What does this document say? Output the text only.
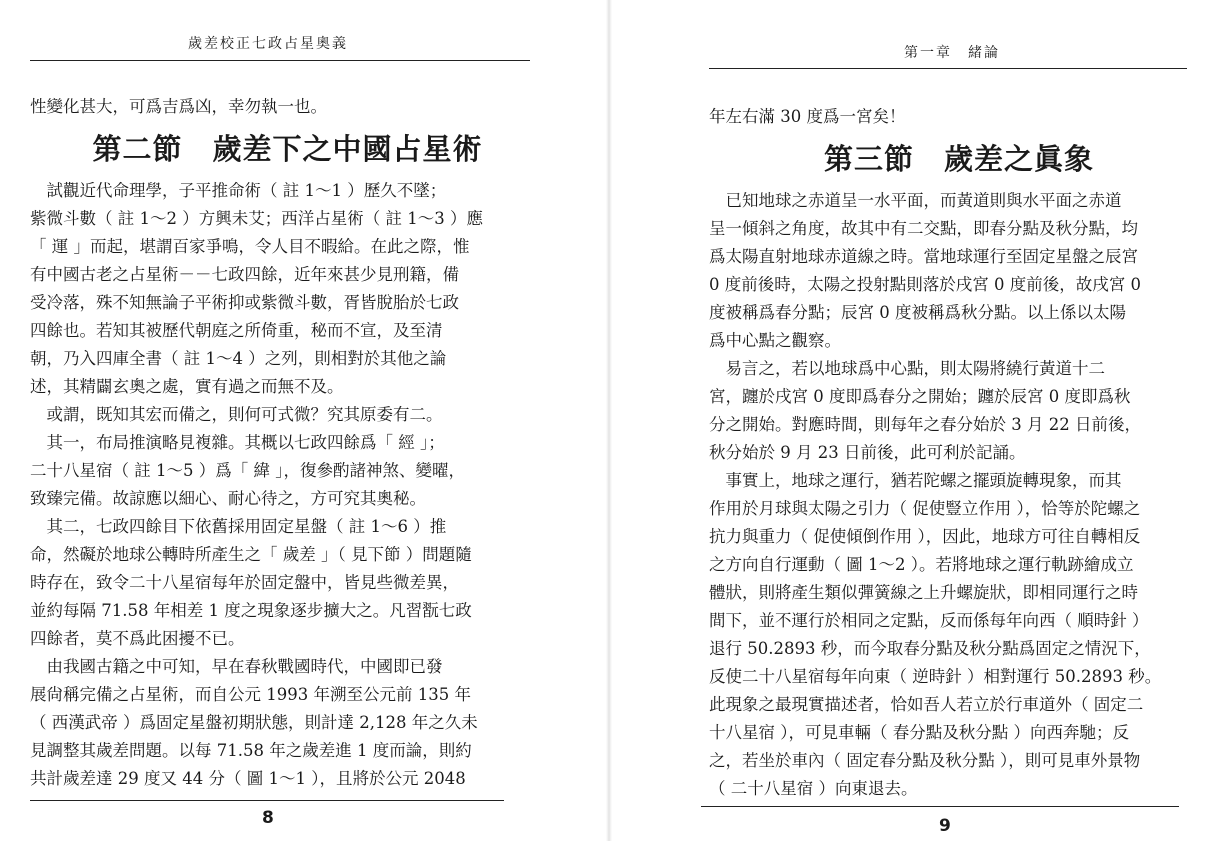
歲差校正七政占星奧義
性變化甚大，可爲吉爲凶，幸勿執一也。
第二節 歲差下之中國占星術
　試觀近代命理學，子平推命術（ 註 1～1 ）歷久不墜；
紫微斗數（ 註 1～2 ）方興未艾；西洋占星術（ 註 1～3 ）應
「 運 」而起，堪謂百家爭鳴，令人目不暇給。在此之際，惟
有中國古老之占星術－－七政四餘，近年來甚少見刑籍，備
受冷落，殊不知無論子平術抑或紫微斗數，胥皆脫胎於七政
四餘也。若知其被歷代朝庭之所倚重，秘而不宣，及至清
朝，乃入四庫全書（ 註 1～4 ）之列，則相對於其他之論
述，其精闢玄奧之處，實有過之而無不及。
　或謂，既知其宏而備之，則何可式微？究其原委有二。
　其一，布局推演略見複雜。其概以七政四餘爲「 經 」；
二十八星宿（ 註 1～5 ）爲「 緯 」，復參酌諸神煞、變曜，
致臻完備。故諒應以細心、耐心待之，方可究其奧秘。
　其二，七政四餘目下依舊採用固定星盤（ 註 1～6 ）推
命，然礙於地球公轉時所產生之「 歲差 」（ 見下節 ）問題隨
時存在，致令二十八星宿每年於固定盤中，皆見些微差異，
並約每隔 71.58 年相差 1 度之現象逐步擴大之。凡習翫七政
四餘者，莫不爲此困擾不已。
　由我國古籍之中可知，早在春秋戰國時代，中國即已發
展尙稱完備之占星術，而自公元 1993 年溯至公元前 135 年
（ 西漢武帝 ）爲固定星盤初期狀態，則計達 2,128 年之久未
見調整其歲差問題。以每 71.58 年之歲差進 1 度而論，則約
共計歲差達 29 度又 44 分（ 圖 1～1 ），且將於公元 2048
8
第一章　緒論
年左右滿 30 度爲一宮矣！
第三節 歲差之眞象
　已知地球之赤道呈一水平面，而黃道則與水平面之赤道
呈一傾斜之角度，故其中有二交點，即春分點及秋分點，均
爲太陽直射地球赤道線之時。當地球運行至固定星盤之辰宮
0 度前後時，太陽之投射點則落於戌宮 0 度前後，故戌宮 0
度被稱爲春分點；辰宮 0 度被稱爲秋分點。以上係以太陽
爲中心點之觀察。
　易言之，若以地球爲中心點，則太陽將繞行黃道十二
宮，躔於戌宮 0 度即爲春分之開始；躔於辰宮 0 度即爲秋
分之開始。對應時間，則每年之春分始於 3 月 22 日前後，
秋分始於 9 月 23 日前後，此可利於記誦。
　事實上，地球之運行，猶若陀螺之擺頭旋轉現象，而其
作用於月球與太陽之引力（ 促使豎立作用 ），恰等於陀螺之
抗力與重力（ 促使傾倒作用 ），因此，地球方可往自轉相反
之方向自行運動（ 圖 1～2 ）。若將地球之運行軌跡繪成立
體狀，則將產生類似彈簧線之上升螺旋狀，即相同運行之時
間下，並不運行於相同之定點，反而係每年向西（ 順時針 ）
退行 50.2893 秒，而今取春分點及秋分點爲固定之情況下，
反使二十八星宿每年向東（ 逆時針 ）相對運行 50.2893 秒。
此現象之最現實描述者，恰如吾人若立於行車道外（ 固定二
十八星宿 ），可見車輛（ 春分點及秋分點 ）向西奔馳；反
之，若坐於車內（ 固定春分點及秋分點 ），則可見車外景物
（ 二十八星宿 ）向東退去。
9
